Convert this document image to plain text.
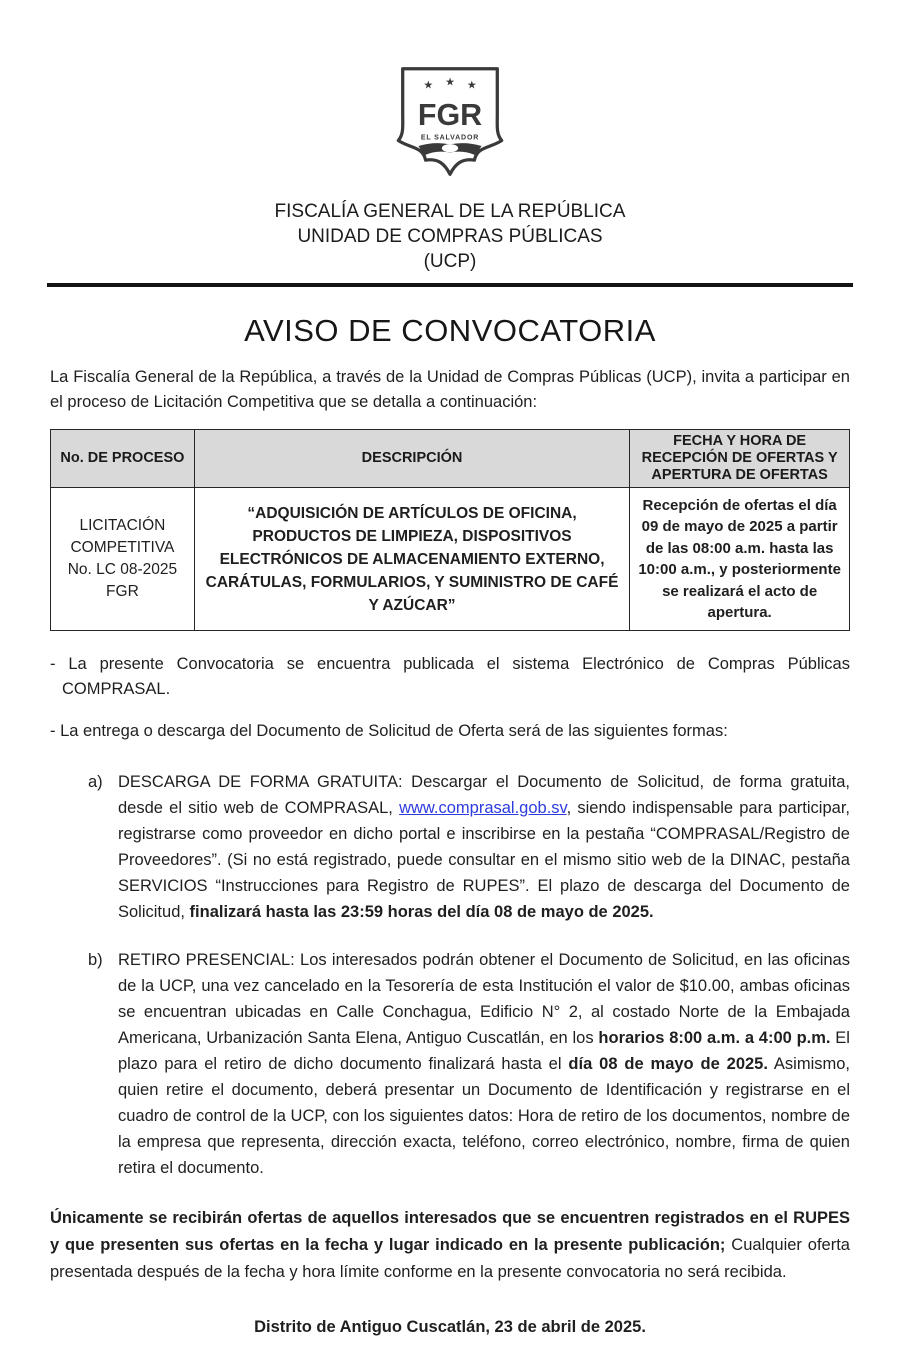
★ ★ ★
FGR
EL SALVADOR
FISCALÍA GENERAL DE LA REPÚBLICA
UNIDAD DE COMPRAS PÚBLICAS
(UCP)
AVISO DE CONVOCATORIA

La Fiscalía General de la República, a través de la Unidad de Compras Públicas (UCP), invita a participar en el proceso de Licitación Competitiva que se detalla a continuación:

No. DE PROCESO	DESCRIPCIÓN	FECHA Y HORA DE RECEPCIÓN DE OFERTAS Y APERTURA DE OFERTAS
LICITACIÓN COMPETITIVA No. LC 08-2025 FGR	“ADQUISICIÓN DE ARTÍCULOS DE OFICINA, PRODUCTOS DE LIMPIEZA, DISPOSITIVOS ELECTRÓNICOS DE ALMACENAMIENTO EXTERNO, CARÁTULAS, FORMULARIOS, Y SUMINISTRO DE CAFÉ Y AZÚCAR”	Recepción de ofertas el día 09 de mayo de 2025 a partir de las 08:00 a.m. hasta las 10:00 a.m., y posteriormente se realizará el acto de apertura.

- La presente Convocatoria se encuentra publicada el sistema Electrónico de Compras Públicas COMPRASAL.

- La entrega o descarga del Documento de Solicitud de Oferta será de las siguientes formas:

a) DESCARGA DE FORMA GRATUITA: Descargar el Documento de Solicitud, de forma gratuita, desde el sitio web de COMPRASAL, www.comprasal.gob.sv, siendo indispensable para participar, registrarse como proveedor en dicho portal e inscribirse en la pestaña “COMPRASAL/Registro de Proveedores”. (Si no está registrado, puede consultar en el mismo sitio web de la DINAC, pestaña SERVICIOS “Instrucciones para Registro de RUPES”. El plazo de descarga del Documento de Solicitud, finalizará hasta las 23:59 horas del día 08 de mayo de 2025.
b) RETIRO PRESENCIAL: Los interesados podrán obtener el Documento de Solicitud, en las oficinas de la UCP, una vez cancelado en la Tesorería de esta Institución el valor de $10.00, ambas oficinas se encuentran ubicadas en Calle Conchagua, Edificio N° 2, al costado Norte de la Embajada Americana, Urbanización Santa Elena, Antiguo Cuscatlán, en los horarios 8:00 a.m. a 4:00 p.m. El plazo para el retiro de dicho documento finalizará hasta el día 08 de mayo de 2025. Asimismo, quien retire el documento, deberá presentar un Documento de Identificación y registrarse en el cuadro de control de la UCP, con los siguientes datos: Hora de retiro de los documentos, nombre de la empresa que representa, dirección exacta, teléfono, correo electrónico, nombre, firma de quien retira el documento.

Únicamente se recibirán ofertas de aquellos interesados que se encuentren registrados en el RUPES y que presenten sus ofertas en la fecha y lugar indicado en la presente publicación; Cualquier oferta presentada después de la fecha y hora límite conforme en la presente convocatoria no será recibida.

Distrito de Antiguo Cuscatlán, 23 de abril de 2025.
